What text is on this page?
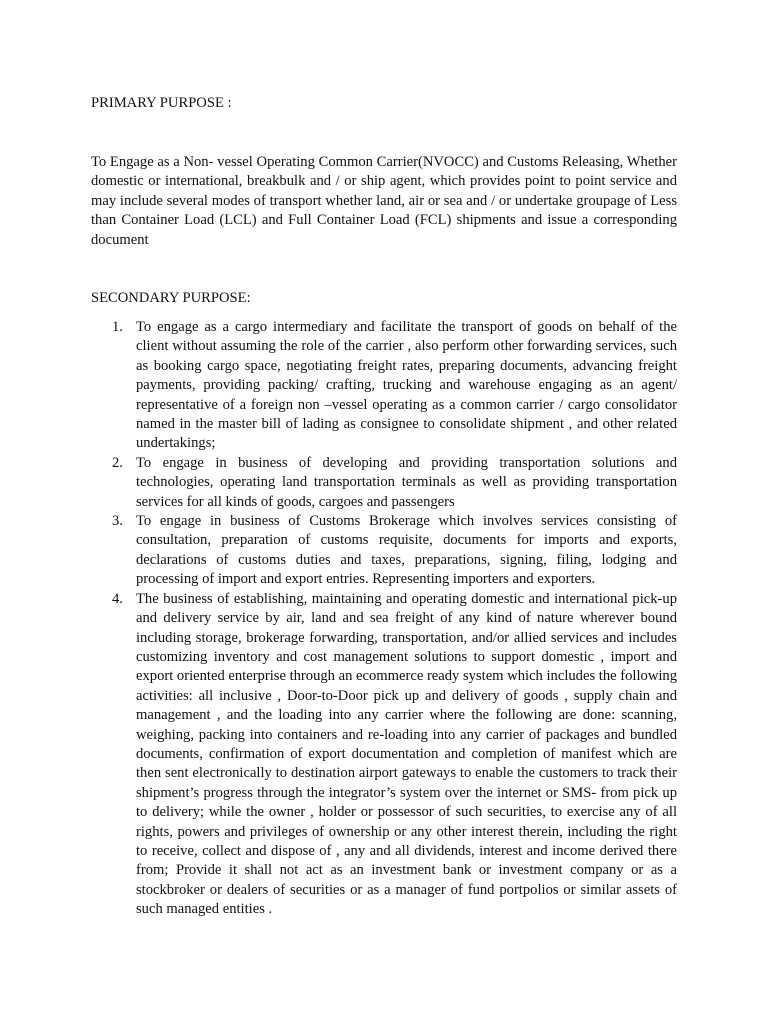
PRIMARY PURPOSE :

To Engage as a Non- vessel Operating Common Carrier(NVOCC) and Customs Releasing, Whether domestic or international, breakbulk and / or ship agent, which provides point to point service and may include several modes of transport whether land, air or sea and / or undertake groupage of Less than Container Load (LCL) and Full Container Load (FCL) shipments and issue a corresponding document

SECONDARY PURPOSE:

1. To engage as a cargo intermediary and facilitate the transport of goods on behalf of the client without assuming the role of the carrier , also perform other forwarding services, such as booking cargo space, negotiating freight rates, preparing documents, advancing freight payments, providing packing/ crafting, trucking and warehouse engaging as an agent/ representative of a foreign non –vessel operating as a common carrier / cargo consolidator named in the master bill of lading as consignee to consolidate shipment , and other related undertakings;
2. To engage in business of developing and providing transportation solutions and technologies, operating land transportation terminals as well as providing transportation services for all kinds of goods, cargoes and passengers
3. To engage in business of Customs Brokerage which involves services consisting of consultation, preparation of customs requisite, documents for imports and exports, declarations of customs duties and taxes, preparations, signing, filing, lodging and processing of import and export entries. Representing importers and exporters.
4. The business of establishing, maintaining and operating domestic and international pick-up and delivery service by air, land and sea freight of any kind of nature wherever bound including storage, brokerage forwarding, transportation, and/or allied services and includes customizing inventory and cost management solutions to support domestic , import and export oriented enterprise through an ecommerce ready system which includes the following activities: all inclusive , Door-to-Door pick up and delivery of goods , supply chain and management , and the loading into any carrier where the following are done: scanning, weighing, packing into containers and re-loading into any carrier of packages and bundled documents, confirmation of export documentation and completion of manifest which are then sent electronically to destination airport gateways to enable the customers to track their shipment’s progress through the integrator’s system over the internet or SMS- from pick up to delivery; while the owner , holder or possessor of such securities, to exercise any of all rights, powers and privileges of ownership or any other interest therein, including the right to receive, collect and dispose of , any and all dividends, interest and income derived there from; Provide it shall not act as an investment bank or investment company or as a stockbroker or dealers of securities or as a manager of fund portpolios or similar assets of such managed entities .
